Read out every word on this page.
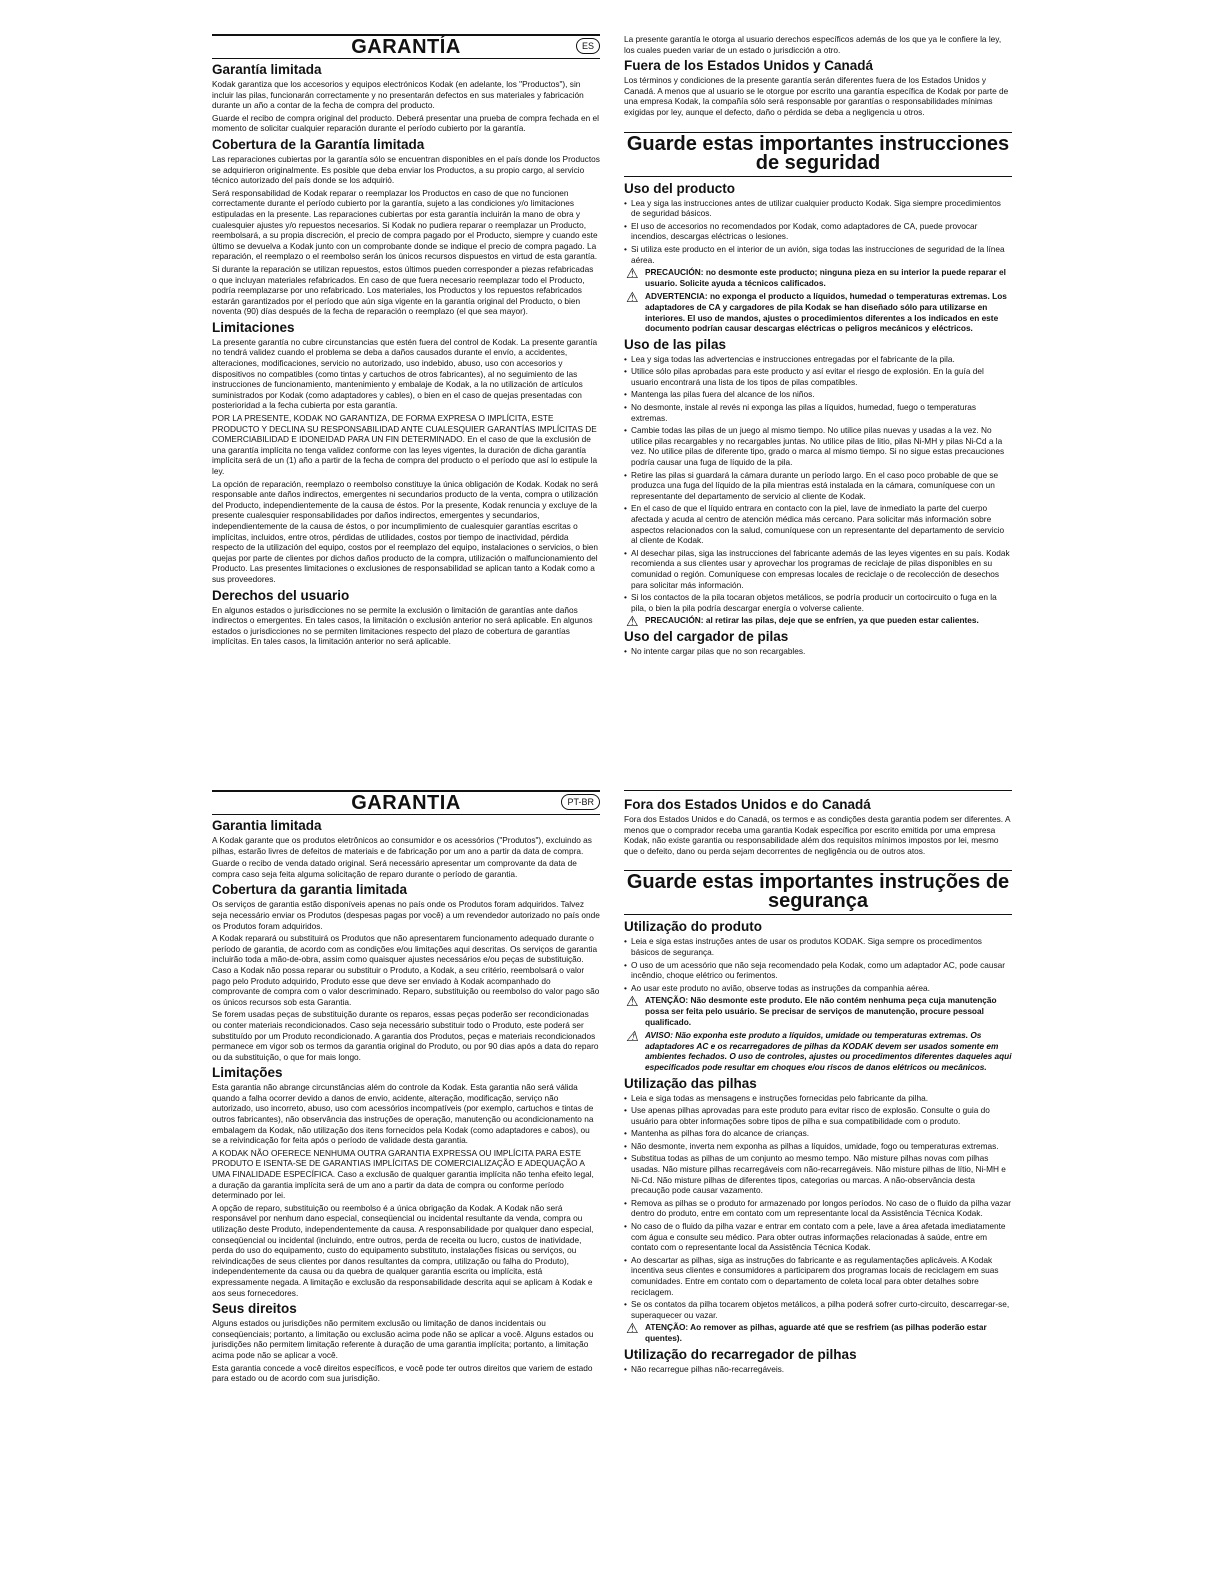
GARANTÍA	ES
Garantía limitada

Kodak garantiza que los accesorios y equipos electrónicos Kodak (en adelante, los "Productos"), sin incluir las pilas, funcionarán correctamente y no presentarán defectos en sus materiales y fabricación durante un año a contar de la fecha de compra del producto.

Guarde el recibo de compra original del producto. Deberá presentar una prueba de compra fechada en el momento de solicitar cualquier reparación durante el período cubierto por la garantía.

Cobertura de la Garantía limitada

Las reparaciones cubiertas por la garantía sólo se encuentran disponibles en el país donde los Productos se adquirieron originalmente. Es posible que deba enviar los Productos, a su propio cargo, al servicio técnico autorizado del país donde se los adquirió.

Será responsabilidad de Kodak reparar o reemplazar los Productos en caso de que no funcionen correctamente durante el período cubierto por la garantía, sujeto a las condiciones y/o limitaciones estipuladas en la presente. Las reparaciones cubiertas por esta garantía incluirán la mano de obra y cualesquier ajustes y/o repuestos necesarios. Si Kodak no pudiera reparar o reemplazar un Producto, reembolsará, a su propia discreción, el precio de compra pagado por el Producto, siempre y cuando este último se devuelva a Kodak junto con un comprobante donde se indique el precio de compra pagado. La reparación, el reemplazo o el reembolso serán los únicos recursos dispuestos en virtud de esta garantía.

Si durante la reparación se utilizan repuestos, estos últimos pueden corresponder a piezas refabricadas o que incluyan materiales refabricados. En caso de que fuera necesario reemplazar todo el Producto, podría reemplazarse por uno refabricado. Los materiales, los Productos y los repuestos refabricados estarán garantizados por el período que aún siga vigente en la garantía original del Producto, o bien noventa (90) días después de la fecha de reparación o reemplazo (el que sea mayor).

Limitaciones

La presente garantía no cubre circunstancias que estén fuera del control de Kodak. La presente garantía no tendrá validez cuando el problema se deba a daños causados durante el envío, a accidentes, alteraciones, modificaciones, servicio no autorizado, uso indebido, abuso, uso con accesorios y dispositivos no compatibles (como tintas y cartuchos de otros fabricantes), al no seguimiento de las instrucciones de funcionamiento, mantenimiento y embalaje de Kodak, a la no utilización de artículos suministrados por Kodak (como adaptadores y cables), o bien en el caso de quejas presentadas con posterioridad a la fecha cubierta por esta garantía.

POR LA PRESENTE, KODAK NO GARANTIZA, DE FORMA EXPRESA O IMPLÍCITA, ESTE PRODUCTO Y DECLINA SU RESPONSABILIDAD ANTE CUALESQUIER GARANTÍAS IMPLÍCITAS DE COMERCIABILIDAD E IDONEIDAD PARA UN FIN DETERMINADO. En el caso de que la exclusión de una garantía implícita no tenga validez conforme con las leyes vigentes, la duración de dicha garantía implícita será de un (1) año a partir de la fecha de compra del producto o el período que así lo estipule la ley.

La opción de reparación, reemplazo o reembolso constituye la única obligación de Kodak. Kodak no será responsable ante daños indirectos, emergentes ni secundarios producto de la venta, compra o utilización del Producto, independientemente de la causa de éstos. Por la presente, Kodak renuncia y excluye de la presente cualesquier responsabilidades por daños indirectos, emergentes y secundarios, independientemente de la causa de éstos, o por incumplimiento de cualesquier garantías escritas o implícitas, incluidos, entre otros, pérdidas de utilidades, costos por tiempo de inactividad, pérdida respecto de la utilización del equipo, costos por el reemplazo del equipo, instalaciones o servicios, o bien quejas por parte de clientes por dichos daños producto de la compra, utilización o malfuncionamiento del Producto. Las presentes limitaciones o exclusiones de responsabilidad se aplican tanto a Kodak como a sus proveedores.

Derechos del usuario

En algunos estados o jurisdicciones no se permite la exclusión o limitación de garantías ante daños indirectos o emergentes. En tales casos, la limitación o exclusión anterior no será aplicable. En algunos estados o jurisdicciones no se permiten limitaciones respecto del plazo de cobertura de garantías implícitas. En tales casos, la limitación anterior no será aplicable.

La presente garantía le otorga al usuario derechos específicos además de los que ya le confiere la ley, los cuales pueden variar de un estado o jurisdicción a otro.

Fuera de los Estados Unidos y Canadá

Los términos y condiciones de la presente garantía serán diferentes fuera de los Estados Unidos y Canadá. A menos que al usuario se le otorgue por escrito una garantía específica de Kodak por parte de una empresa Kodak, la compañía sólo será responsable por garantías o responsabilidades mínimas exigidas por ley, aunque el defecto, daño o pérdida se deba a negligencia u otros.

Guarde estas importantes instrucciones de seguridad
Uso del producto
• Lea y siga las instrucciones antes de utilizar cualquier producto Kodak. Siga siempre procedimientos de seguridad básicos.
• El uso de accesorios no recomendados por Kodak, como adaptadores de CA, puede provocar incendios, descargas eléctricas o lesiones.
• Si utiliza este producto en el interior de un avión, siga todas las instrucciones de seguridad de la línea aérea.
⚠ PRECAUCIÓN: no desmonte este producto; ninguna pieza en su interior la puede reparar el usuario. Solicite ayuda a técnicos calificados.
⚠ ADVERTENCIA: no exponga el producto a líquidos, humedad o temperaturas extremas. Los adaptadores de CA y cargadores de pila Kodak se han diseñado sólo para utilizarse en interiores. El uso de mandos, ajustes o procedimientos diferentes a los indicados en este documento podrían causar descargas eléctricas o peligros mecánicos y eléctricos.
Uso de las pilas
• Lea y siga todas las advertencias e instrucciones entregadas por el fabricante de la pila.
• Utilice sólo pilas aprobadas para este producto y así evitar el riesgo de explosión. En la guía del usuario encontrará una lista de los tipos de pilas compatibles.
• Mantenga las pilas fuera del alcance de los niños.
• No desmonte, instale al revés ni exponga las pilas a líquidos, humedad, fuego o temperaturas extremas.
• Cambie todas las pilas de un juego al mismo tiempo. No utilice pilas nuevas y usadas a la vez. No utilice pilas recargables y no recargables juntas. No utilice pilas de litio, pilas Ni-MH y pilas Ni-Cd a la vez. No utilice pilas de diferente tipo, grado o marca al mismo tiempo. Si no sigue estas precauciones podría causar una fuga de líquido de la pila.
• Retire las pilas si guardará la cámara durante un período largo. En el caso poco probable de que se produzca una fuga del líquido de la pila mientras está instalada en la cámara, comuníquese con un representante del departamento de servicio al cliente de Kodak.
• En el caso de que el líquido entrara en contacto con la piel, lave de inmediato la parte del cuerpo afectada y acuda al centro de atención médica más cercano. Para solicitar más información sobre aspectos relacionados con la salud, comuníquese con un representante del departamento de servicio al cliente de Kodak.
• Al desechar pilas, siga las instrucciones del fabricante además de las leyes vigentes en su país. Kodak recomienda a sus clientes usar y aprovechar los programas de reciclaje de pilas disponibles en su comunidad o región. Comuníquese con empresas locales de reciclaje o de recolección de desechos para solicitar más información.
• Si los contactos de la pila tocaran objetos metálicos, se podría producir un cortocircuito o fuga en la pila, o bien la pila podría descargar energía o volverse caliente.
⚠ PRECAUCIÓN: al retirar las pilas, deje que se enfríen, ya que pueden estar calientes.
Uso del cargador de pilas
• No intente cargar pilas que no son recargables.
GARANTIA	PT-BR
Garantia limitada

A Kodak garante que os produtos eletrônicos ao consumidor e os acessórios ("Produtos"), excluindo as pilhas, estarão livres de defeitos de materiais e de fabricação por um ano a partir da data de compra.

Guarde o recibo de venda datado original. Será necessário apresentar um comprovante da data de compra caso seja feita alguma solicitação de reparo durante o período de garantia.

Cobertura da garantia limitada

Os serviços de garantia estão disponíveis apenas no país onde os Produtos foram adquiridos. Talvez seja necessário enviar os Produtos (despesas pagas por você) a um revendedor autorizado no país onde os Produtos foram adquiridos.

A Kodak reparará ou substituirá os Produtos que não apresentarem funcionamento adequado durante o período de garantia, de acordo com as condições e/ou limitações aqui descritas. Os serviços de garantia incluirão toda a mão-de-obra, assim como quaisquer ajustes necessários e/ou peças de substituição. Caso a Kodak não possa reparar ou substituir o Produto, a Kodak, a seu critério, reembolsará o valor pago pelo Produto adquirido, Produto esse que deve ser enviado à Kodak acompanhado do comprovante de compra com o valor descriminado. Reparo, substituição ou reembolso do valor pago são os únicos recursos sob esta Garantia.

Se forem usadas peças de substituição durante os reparos, essas peças poderão ser recondicionadas ou conter materiais recondicionados. Caso seja necessário substituir todo o Produto, este poderá ser substituído por um Produto recondicionado. A garantia dos Produtos, peças e materiais recondicionados permanece em vigor sob os termos da garantia original do Produto, ou por 90 dias após a data do reparo ou da substituição, o que for mais longo.

Limitações

Esta garantia não abrange circunstâncias além do controle da Kodak. Esta garantia não será válida quando a falha ocorrer devido a danos de envio, acidente, alteração, modificação, serviço não autorizado, uso incorreto, abuso, uso com acessórios incompatíveis (por exemplo, cartuchos e tintas de outros fabricantes), não observância das instruções de operação, manutenção ou acondicionamento na embalagem da Kodak, não utilização dos itens fornecidos pela Kodak (como adaptadores e cabos), ou se a reivindicação for feita após o período de validade desta garantia.

A KODAK NÃO OFERECE NENHUMA OUTRA GARANTIA EXPRESSA OU IMPLÍCITA PARA ESTE PRODUTO E ISENTA-SE DE GARANTIAS IMPLÍCITAS DE COMERCIALIZAÇÃO E ADEQUAÇÃO A UMA FINALIDADE ESPECÍFICA. Caso a exclusão de qualquer garantia implícita não tenha efeito legal, a duração da garantia implícita será de um ano a partir da data de compra ou conforme período determinado por lei.

A opção de reparo, substituição ou reembolso é a única obrigação da Kodak. A Kodak não será responsável por nenhum dano especial, conseqüencial ou incidental resultante da venda, compra ou utilização deste Produto, independentemente da causa. A responsabilidade por qualquer dano especial, conseqüencial ou incidental (incluindo, entre outros, perda de receita ou lucro, custos de inatividade, perda do uso do equipamento, custo do equipamento substituto, instalações físicas ou serviços, ou reivindicações de seus clientes por danos resultantes da compra, utilização ou falha do Produto), independentemente da causa ou da quebra de qualquer garantia escrita ou implícita, está expressamente negada. A limitação e exclusão da responsabilidade descrita aqui se aplicam à Kodak e aos seus fornecedores.

Seus direitos

Alguns estados ou jurisdições não permitem exclusão ou limitação de danos incidentais ou conseqüenciais; portanto, a limitação ou exclusão acima pode não se aplicar a você. Alguns estados ou jurisdições não permitem limitação referente à duração de uma garantia implícita; portanto, a limitação acima pode não se aplicar a você.

Esta garantia concede a você direitos específicos, e você pode ter outros direitos que variem de estado para estado ou de acordo com sua jurisdição.

Fora dos Estados Unidos e do Canadá

Fora dos Estados Unidos e do Canadá, os termos e as condições desta garantia podem ser diferentes. A menos que o comprador receba uma garantia Kodak específica por escrito emitida por uma empresa Kodak, não existe garantia ou responsabilidade além dos requisitos mínimos impostos por lei, mesmo que o defeito, dano ou perda sejam decorrentes de negligência ou de outros atos.

Guarde estas importantes instruções de segurança
Utilização do produto
• Leia e siga estas instruções antes de usar os produtos KODAK. Siga sempre os procedimentos básicos de segurança.
• O uso de um acessório que não seja recomendado pela Kodak, como um adaptador AC, pode causar incêndio, choque elétrico ou ferimentos.
• Ao usar este produto no avião, observe todas as instruções da companhia aérea.
⚠ ATENÇÃO: Não desmonte este produto. Ele não contém nenhuma peça cuja manutenção possa ser feita pelo usuário. Se precisar de serviços de manutenção, procure pessoal qualificado.
⚠ AVISO: Não exponha este produto a líquidos, umidade ou temperaturas extremas. Os adaptadores AC e os recarregadores de pilhas da KODAK devem ser usados somente em ambientes fechados. O uso de controles, ajustes ou procedimentos diferentes daqueles aqui especificados pode resultar em choques e/ou riscos de danos elétricos ou mecânicos.
Utilização das pilhas
• Leia e siga todas as mensagens e instruções fornecidas pelo fabricante da pilha.
• Use apenas pilhas aprovadas para este produto para evitar risco de explosão. Consulte o guia do usuário para obter informações sobre tipos de pilha e sua compatibilidade com o produto.
• Mantenha as pilhas fora do alcance de crianças.
• Não desmonte, inverta nem exponha as pilhas a líquidos, umidade, fogo ou temperaturas extremas.
• Substitua todas as pilhas de um conjunto ao mesmo tempo. Não misture pilhas novas com pilhas usadas. Não misture pilhas recarregáveis com não-recarregáveis. Não misture pilhas de lítio, Ni-MH e Ni-Cd. Não misture pilhas de diferentes tipos, categorias ou marcas. A não-observância desta precaução pode causar vazamento.
• Remova as pilhas se o produto for armazenado por longos períodos. No caso de o fluido da pilha vazar dentro do produto, entre em contato com um representante local da Assistência Técnica Kodak.
• No caso de o fluido da pilha vazar e entrar em contato com a pele, lave a área afetada imediatamente com água e consulte seu médico. Para obter outras informações relacionadas à saúde, entre em contato com o representante local da Assistência Técnica Kodak.
• Ao descartar as pilhas, siga as instruções do fabricante e as regulamentações aplicáveis. A Kodak incentiva seus clientes e consumidores a participarem dos programas locais de reciclagem em suas comunidades. Entre em contato com o departamento de coleta local para obter detalhes sobre reciclagem.
• Se os contatos da pilha tocarem objetos metálicos, a pilha poderá sofrer curto-circuito, descarregar-se, superaquecer ou vazar.
⚠ ATENÇÃO: Ao remover as pilhas, aguarde até que se resfriem (as pilhas poderão estar quentes).
Utilização do recarregador de pilhas
• Não recarregue pilhas não-recarregáveis.
